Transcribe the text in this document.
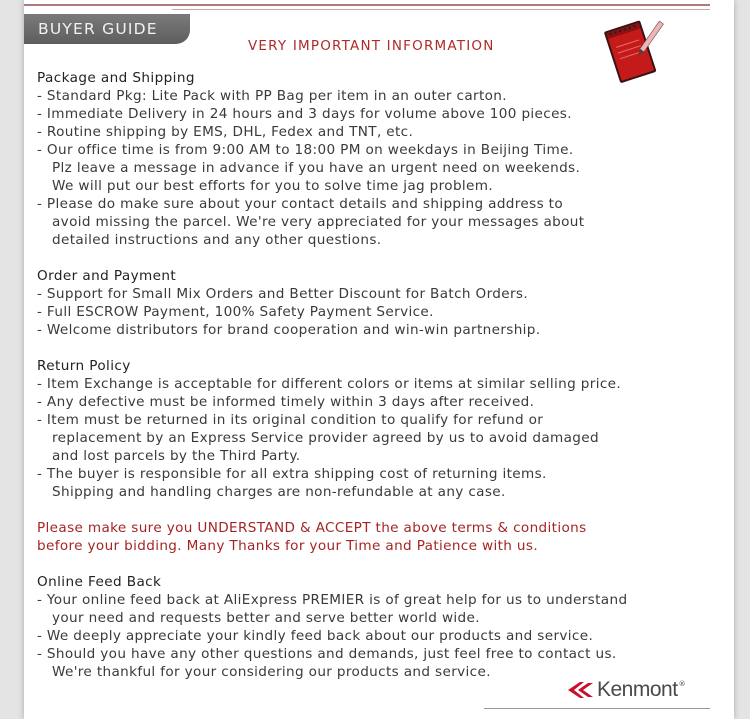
BUYER GUIDE
VERY IMPORTANT INFORMATION
Package and Shipping
- Standard Pkg: Lite Pack with PP Bag per item in an outer carton.
- Immediate Delivery in 24 hours and 3 days for volume above 100 pieces.
- Routine shipping by EMS, DHL, Fedex and TNT, etc.
- Our office time is from 9:00 AM to 18:00 PM on weekdays in Beijing Time.
Plz leave a message in advance if you have an urgent need on weekends.
We will put our best efforts for you to solve time jag problem.
- Please do make sure about your contact details and shipping address to
avoid missing the parcel. We're very appreciated for your messages about
detailed instructions and any other questions.
Order and Payment
- Support for Small Mix Orders and Better Discount for Batch Orders.
- Full ESCROW Payment, 100% Safety Payment Service.
- Welcome distributors for brand cooperation and win-win partnership.
Return Policy
- Item Exchange is acceptable for different colors or items at similar selling price.
- Any defective must be informed timely within 3 days after received.
- Item must be returned in its original condition to qualify for refund or
replacement by an Express Service provider agreed by us to avoid damaged
and lost parcels by the Third Party.
- The buyer is responsible for all extra shipping cost of returning items.
Shipping and handling charges are non-refundable at any case.
Please make sure you UNDERSTAND & ACCEPT the above terms & conditions
before your bidding. Many Thanks for your Time and Patience with us.
Online Feed Back
- Your online feed back at AliExpress PREMIER is of great help for us to understand
your need and requests better and serve better world wide.
- We deeply appreciate your kindly feed back about our products and service.
- Should you have any other questions and demands, just feel free to contact us.
We're thankful for your considering our products and service.
Kenmont ®
